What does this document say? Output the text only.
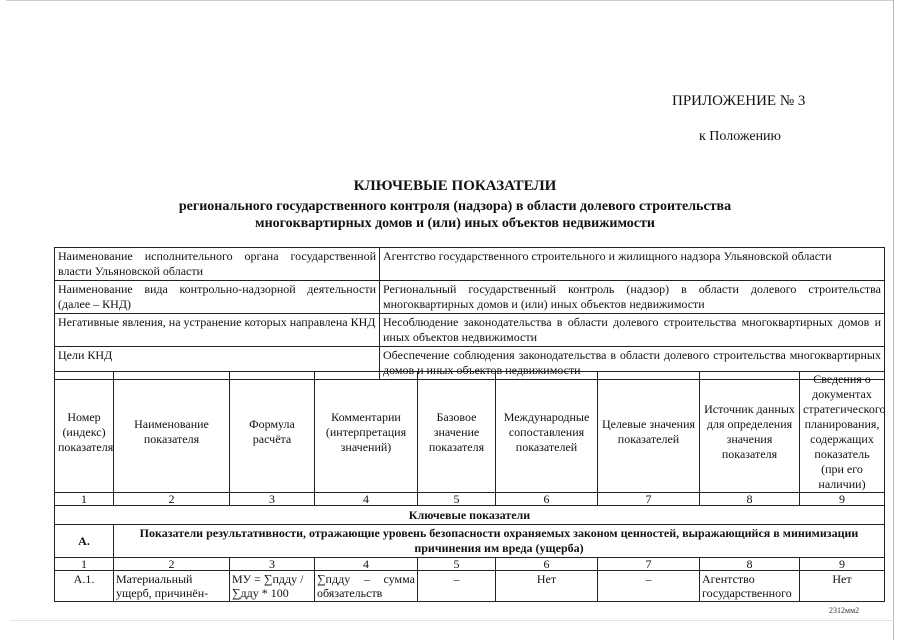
ПРИЛОЖЕНИЕ № 3
к Положению
КЛЮЧЕВЫЕ ПОКАЗАТЕЛИ
регионального государственного контроля (надзора) в области долевого строительства
многоквартирных домов и (или) иных объектов недвижимости
Наименование исполнительного органа государственной власти Ульяновской области	Агентство государственного строительного и жилищного надзора Ульяновской области
Наименование вида контрольно-надзорной деятельности (далее – КНД)	Региональный государственный контроль (надзор) в области долевого строительства многоквартирных домов и (или) иных объектов недвижимости
Негативные явления, на устранение которых направлена КНД	Несоблюдение законодательства в области долевого строительства многоквартирных домов и иных объектов недвижимости
Цели КНД	Обеспечение соблюдения законодательства в области долевого строительства многоквартирных домов и иных объектов недвижимости
Номер (индекс) показателя	Наименование показателя	Формула расчёта	Комментарии (интерпретация значений)	Базовое значение показателя	Международные сопоставления показателей	Целевые значения показателей	Источник данных для определения значения показателя	Сведения о документах стратегического планирования, содержащих показатель (при его наличии)
1	2	3	4	5	6	7	8	9
Ключевые показатели								
А.	Показатели результативности, отражающие уровень безопасности охраняемых законом ценностей, выражающийся в минимизации причинения им вреда (ущерба)							
1	2	3	4	5	6	7	8	9
А.1.	Материальный ущерб, причинён-	МУ = ∑пддy / ∑дду * 100	∑пддy – сумма обязательств	–	Нет	–	Агентство государственного	Нет
2312мм2
